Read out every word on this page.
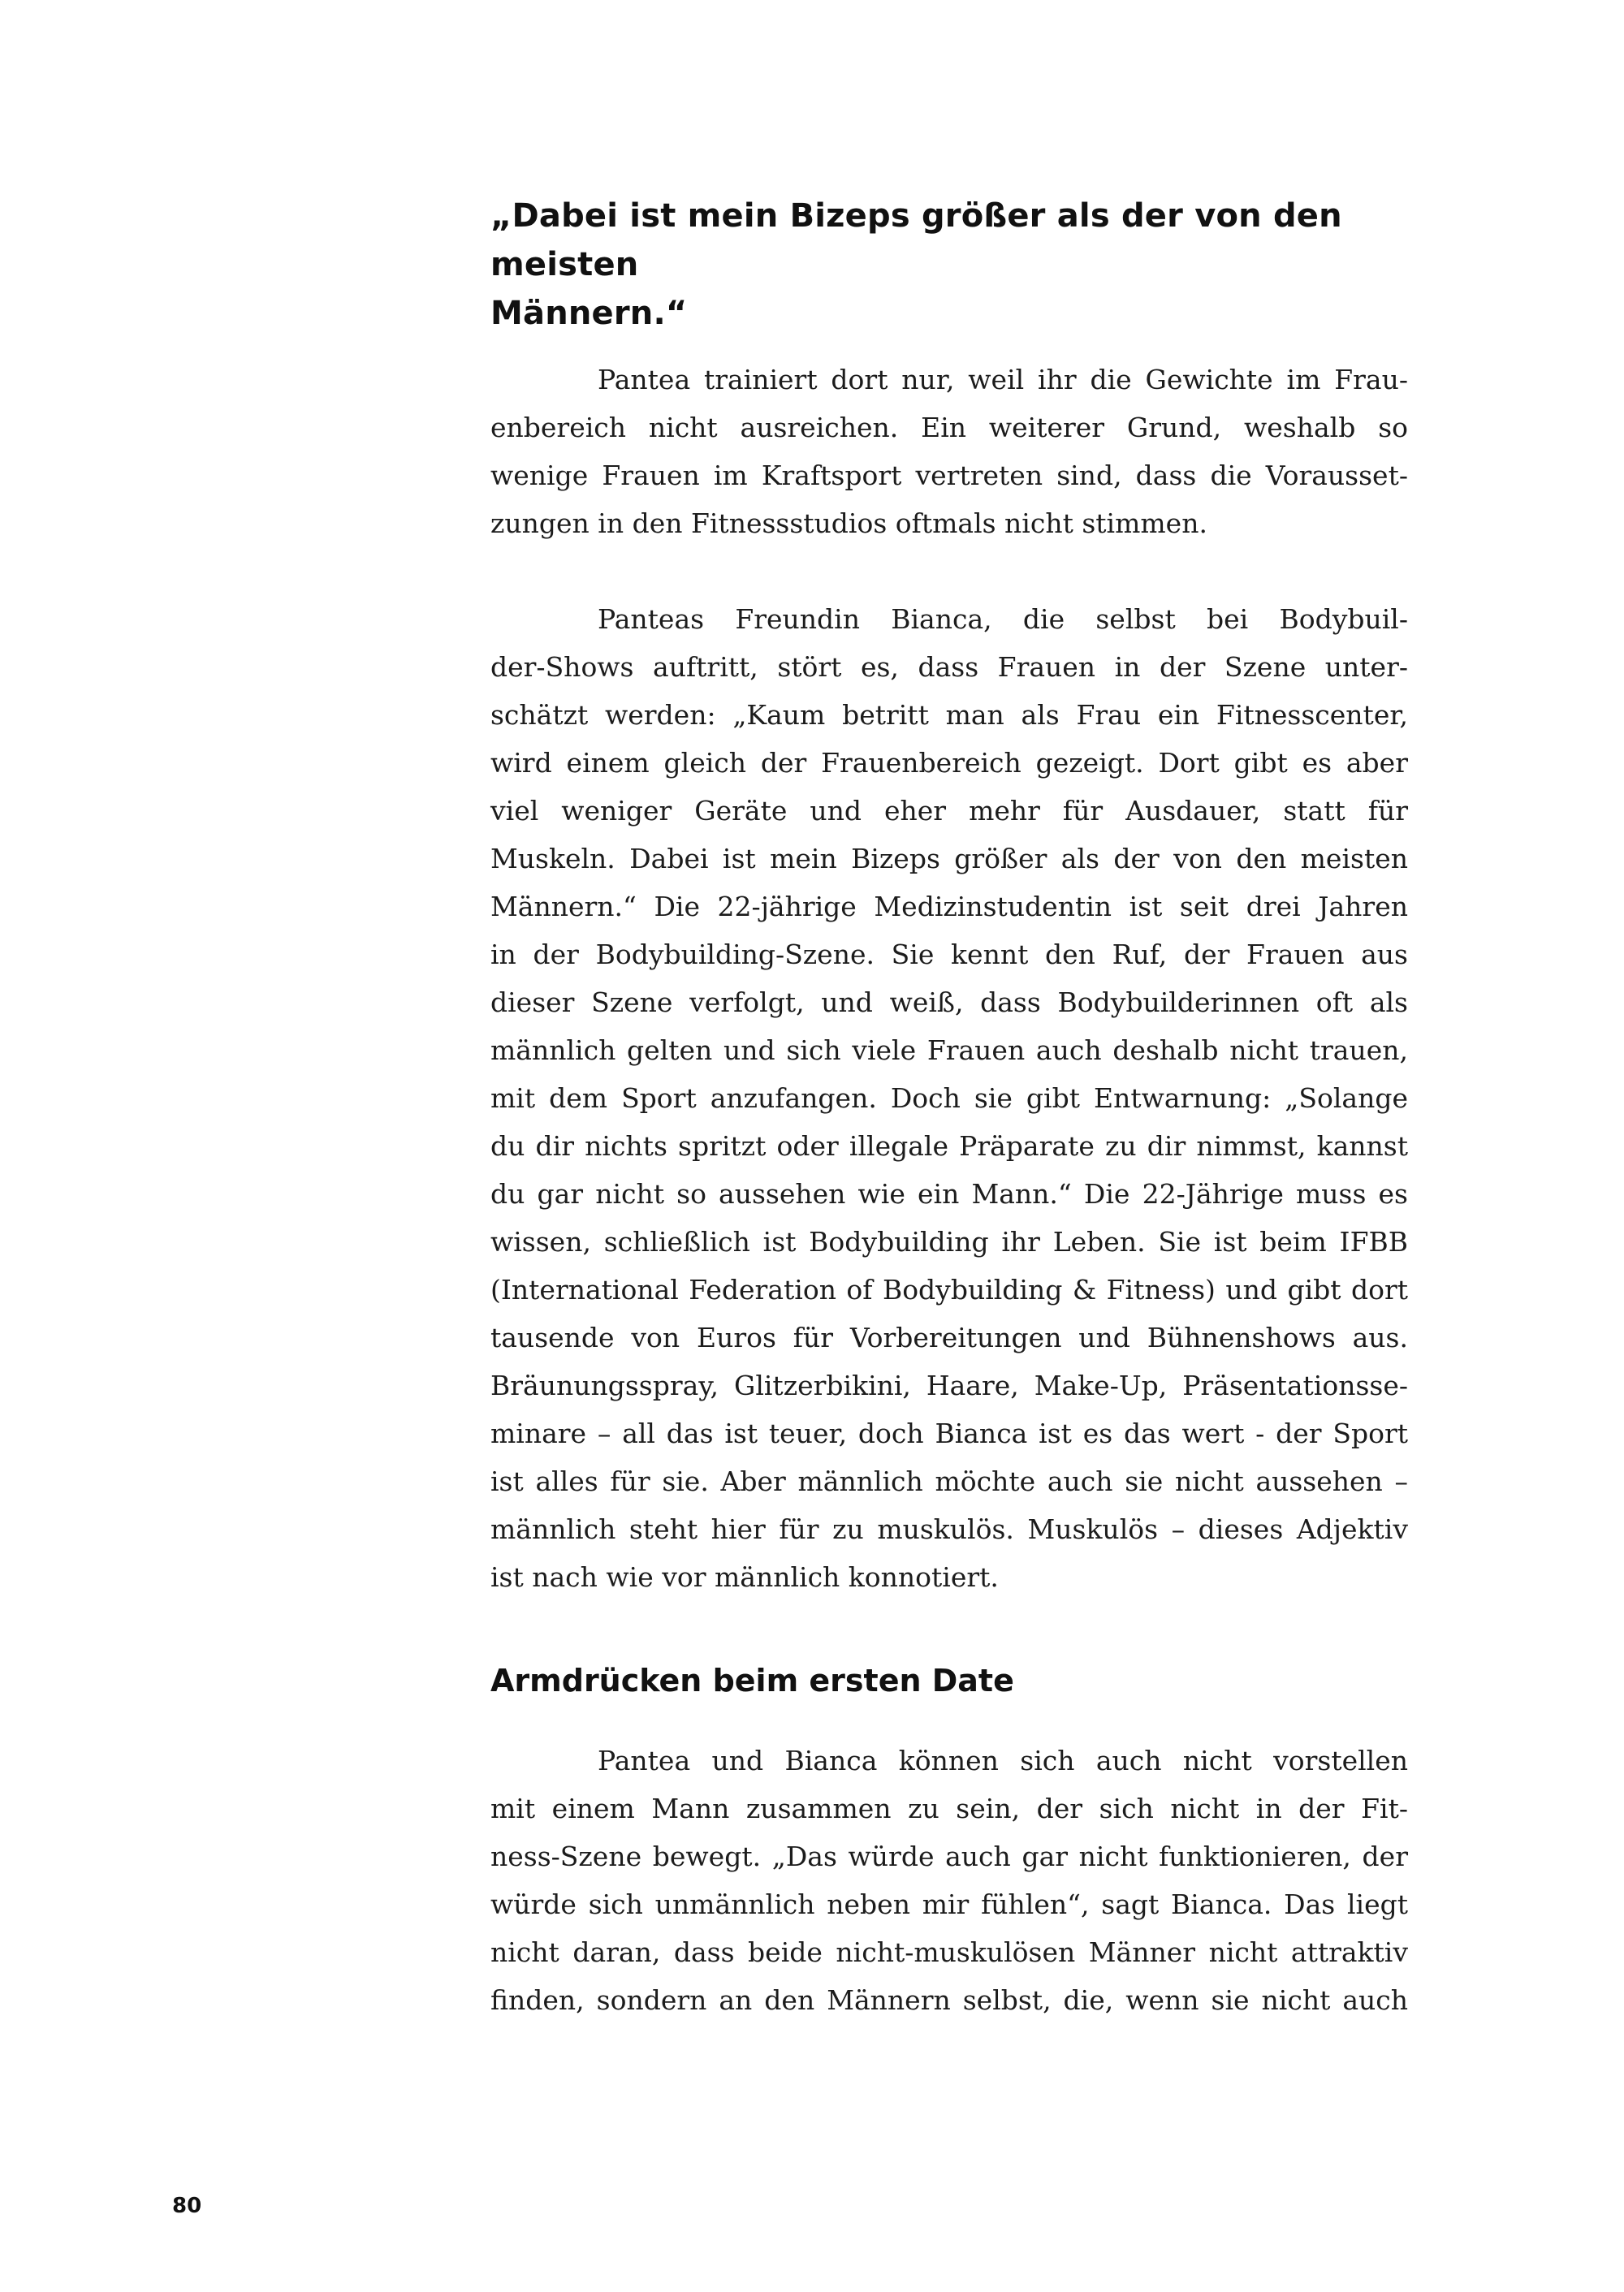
„Dabei ist mein Bizeps größer als der von den meisten
Männern.“

Pantea trainiert dort nur, weil ihr die Gewichte im Frau-
enbereich nicht ausreichen. Ein weiterer Grund, weshalb so
wenige Frauen im Kraftsport vertreten sind, dass die Vorausset-
zungen in den Fitnessstudios oftmals nicht stimmen.

Panteas Freundin Bianca, die selbst bei Bodybuil-
der-Shows auftritt, stört es, dass Frauen in der Szene unter-
schätzt werden: „Kaum betritt man als Frau ein Fitnesscenter,
wird einem gleich der Frauenbereich gezeigt. Dort gibt es aber
viel weniger Geräte und eher mehr für Ausdauer, statt für
Muskeln. Dabei ist mein Bizeps größer als der von den meisten
Männern.“ Die 22-jährige Medizinstudentin ist seit drei Jahren
in der Bodybuilding-Szene. Sie kennt den Ruf, der Frauen aus
dieser Szene verfolgt, und weiß, dass Bodybuilderinnen oft als
männlich gelten und sich viele Frauen auch deshalb nicht trauen,
mit dem Sport anzufangen. Doch sie gibt Entwarnung: „Solange
du dir nichts spritzt oder illegale Präparate zu dir nimmst, kannst
du gar nicht so aussehen wie ein Mann.“ Die 22-Jährige muss es
wissen, schließlich ist Bodybuilding ihr Leben. Sie ist beim IFBB
(International Federation of Bodybuilding & Fitness) und gibt dort
tausende von Euros für Vorbereitungen und Bühnenshows aus.
Bräunungsspray, Glitzerbikini, Haare, Make-Up, Präsentationsse-
minare – all das ist teuer, doch Bianca ist es das wert - der Sport
ist alles für sie. Aber männlich möchte auch sie nicht aussehen –
männlich steht hier für zu muskulös. Muskulös – dieses Adjektiv
ist nach wie vor männlich konnotiert.

Armdrücken beim ersten Date

Pantea und Bianca können sich auch nicht vorstellen
mit einem Mann zusammen zu sein, der sich nicht in der Fit-
ness-Szene bewegt. „Das würde auch gar nicht funktionieren, der
würde sich unmännlich neben mir fühlen“, sagt Bianca. Das liegt
nicht daran, dass beide nicht-muskulösen Männer nicht attraktiv
finden, sondern an den Männern selbst, die, wenn sie nicht auch

80
